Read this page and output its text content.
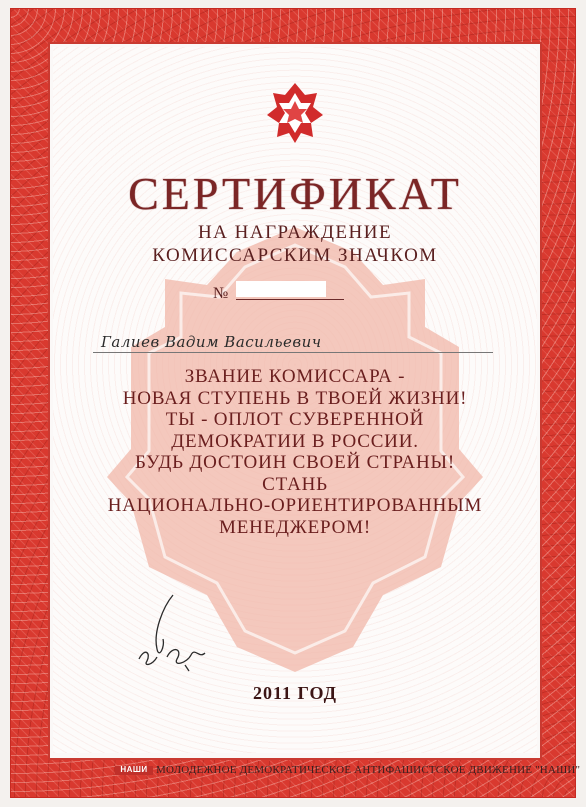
СЕРТИФИКАТ
НА НАГРАЖДЕНИЕ
КОМИССАРСКИМ ЗНАЧКОМ
№
Галиев Вадим Васильевич
ЗВАНИЕ КОМИССАРА -
НОВАЯ СТУПЕНЬ В ТВОЕЙ ЖИЗНИ!
ТЫ - ОПЛОТ СУВЕРЕННОЙ
ДЕМОКРАТИИ В РОССИИ.
БУДЬ ДОСТОИН СВОЕЙ СТРАНЫ!
СТАНЬ
НАЦИОНАЛЬНО-ОРИЕНТИРОВАННЫМ
МЕНЕДЖЕРОМ!
2011 ГОД
НАШИ МОЛОДЕЖНОЕ ДЕМОКРАТИЧЕСКОЕ АНТИФАШИСТСКОЕ ДВИЖЕНИЕ "НАШИ"
